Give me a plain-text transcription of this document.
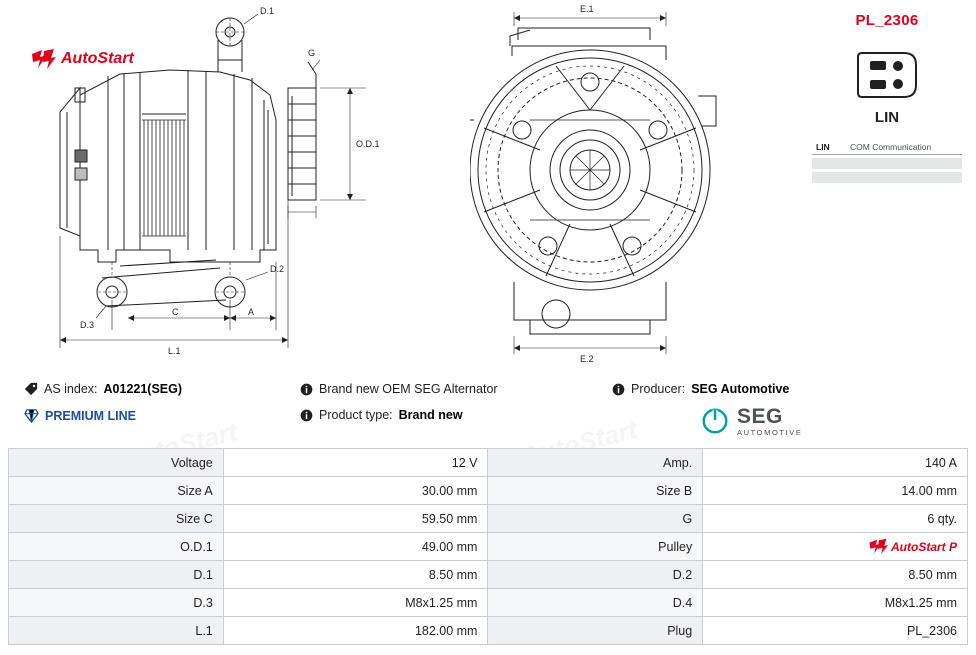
D.1
G
O.D.1
D.2
D.3
C	A
L.1
E.1
E.2
AutoStart
PL_2306
LIN
LIN	COM Communication

AS index: A01221(SEG)
PREMIUM LINE
Brand new OEM SEG Alternator
Product type: Brand new
Producer: SEG Automotive
SEG
AUTOMOTIVE
Voltage	12 V	Amp.	140 A
Size A	30.00 mm	Size B	14.00 mm
Size C	59.50 mm	G	6 qty.
O.D.1	49.00 mm	Pulley	AutoStart P

D.1	8.50 mm	D.2	8.50 mm
D.3	M8x1.25 mm	D.4	M8x1.25 mm
L.1	182.00 mm	Plug	PL_2306
